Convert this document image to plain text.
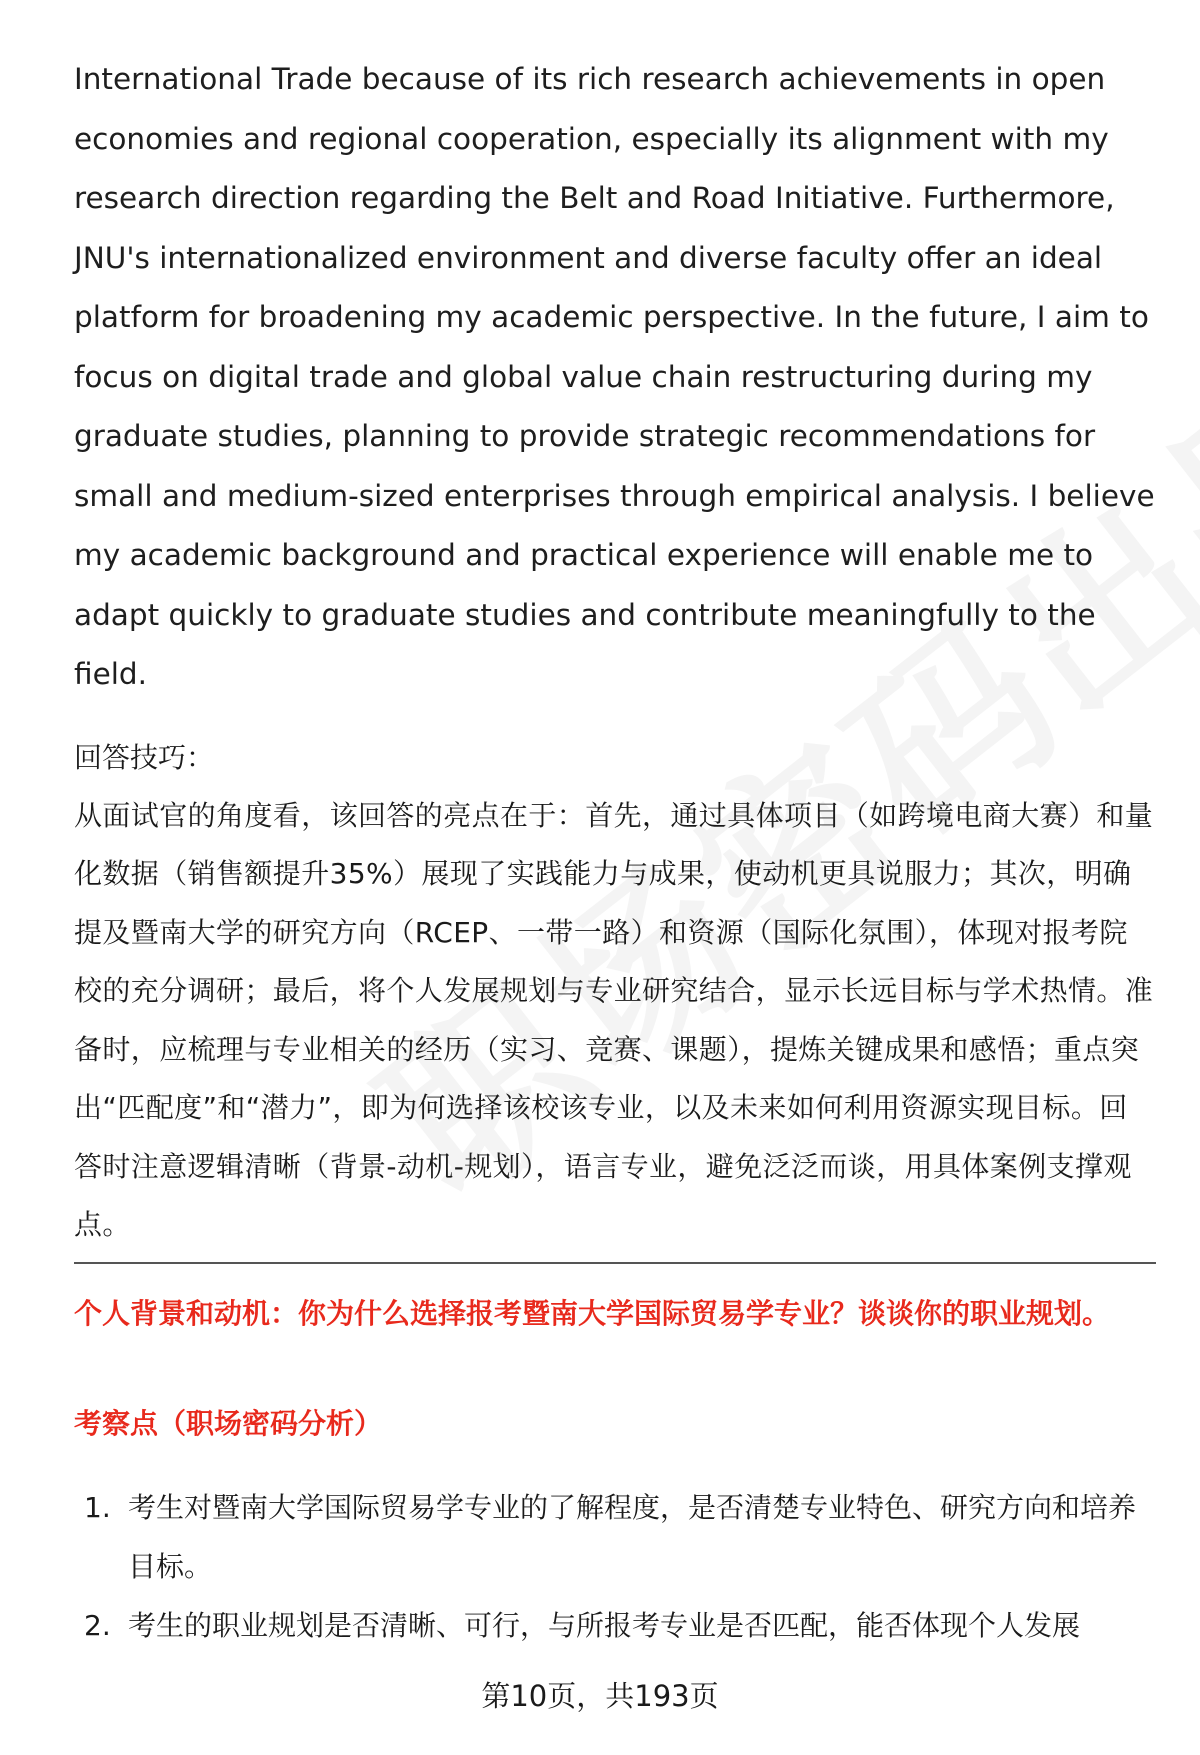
International Trade because of its rich research achievements in open economies and regional cooperation, especially its alignment with my research direction regarding the Belt and Road Initiative. Furthermore, JNU's internationalized environment and diverse faculty offer an ideal platform for broadening my academic perspective. In the future, I aim to focus on digital trade and global value chain restructuring during my graduate studies, planning to provide strategic recommendations for small and medium-sized enterprises through empirical analysis. I believe my academic background and practical experience will enable me to adapt quickly to graduate studies and contribute meaningfully to the field.

回答技巧：

从面试官的角度看，该回答的亮点在于：首先，通过具体项目（如跨境电商大赛）和量化数据（销售额提升35%）展现了实践能力与成果，使动机更具说服力；其次，明确提及暨南大学的研究方向（RCEP、一带一路）和资源（国际化氛围），体现对报考院校的充分调研；最后，将个人发展规划与专业研究结合，显示长远目标与学术热情。准备时，应梳理与专业相关的经历（实习、竞赛、课题），提炼关键成果和感悟；重点突出“匹配度”和“潜力”，即为何选择该校该专业，以及未来如何利用资源实现目标。回答时注意逻辑清晰（背景-动机-规划），语言专业，避免泛泛而谈，用具体案例支撑观点。

个人背景和动机：你为什么选择报考暨南大学国际贸易学专业？谈谈你的职业规划。

考察点（职场密码分析）

1. 考生对暨南大学国际贸易学专业的了解程度，是否清楚专业特色、研究方向和培养目标。
2. 考生的职业规划是否清晰、可行，与所报考专业是否匹配，能否体现个人发展
第10页，共193页
